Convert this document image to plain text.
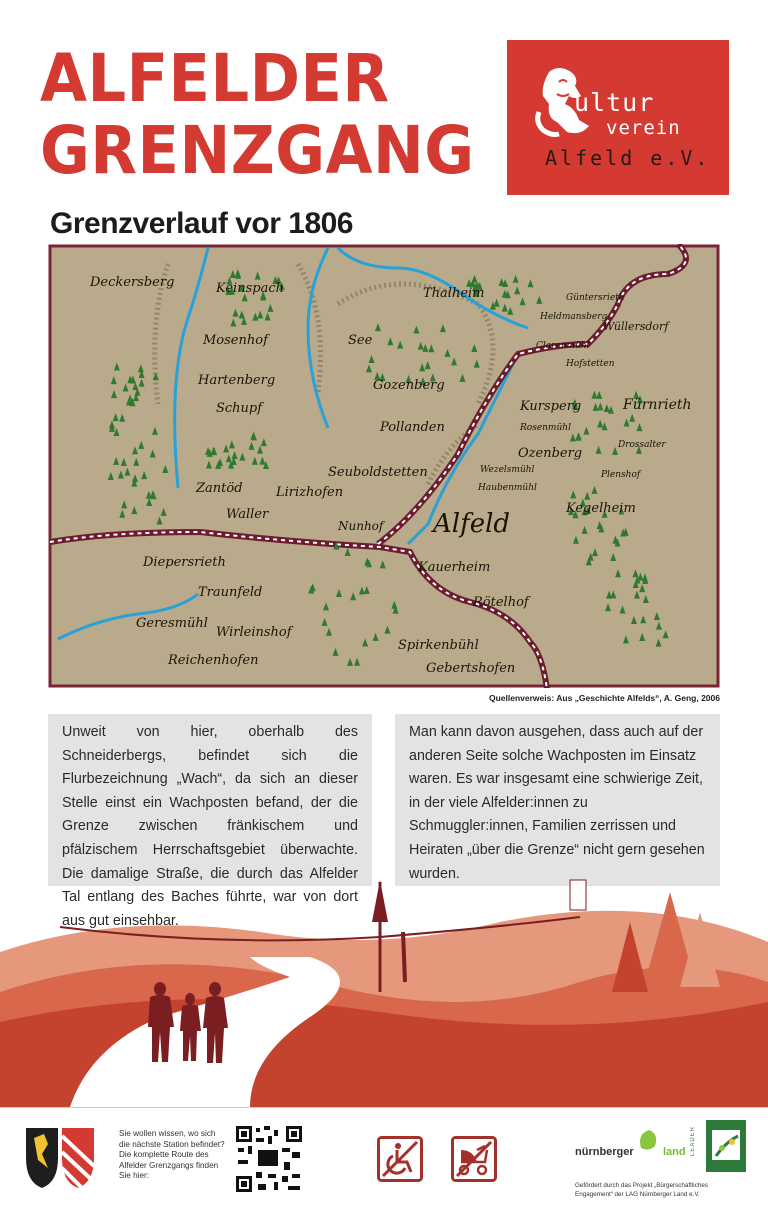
ALFELDER
GRENZGANG
Grenzverlauf vor 1806
ultur
verein
Alfeld e.V.
Deckersberg	Keinspach
Mosenhof
Hartenberg
Schupf
Zantöd
Waller
Lirizhofen
Thalheim	Güntersrieth
Heldmansberg
Wüllersdorf
Clarenmühl
Hofstetten
See
Gozenberg
Pollanden
Seuboldstetten
Nunhof Alfeld
Kursperg
Rosenmühl
Ozenberg
Drossalter
Fürnrieth
Plenshof
Wezelsmühl
Haubenmühl
Kegelheim
Kauerheim
Rötelhof
Diepersrieth
Traunfeld
Geresmühl
Wirleinshof
Reichenhofen
Spirkenbühl
Gebertshofen
Quellenverweis: Aus „Geschichte Alfelds“, A. Geng, 2006
Unweit von hier, oberhalb des Schneiderbergs, befindet sich die Flurbezeichnung „Wach“, da sich an dieser Stelle einst ein Wachposten befand, der die Grenze zwischen fränkischem und pfälzischem Herrschaftsgebiet überwachte. Die damalige Straße, die durch das Alfelder Tal entlang des Baches führte, war von dort aus gut einsehbar.
Man kann davon ausgehen, dass auch auf der anderen Seite solche Wachposten im Einsatz waren. Es war insgesamt eine schwierige Zeit, in der viele Alfelder:innen zu Schmuggler:innen, Familien zerrissen und Heiraten „über die Grenze“ nicht gern gesehen wurden.
Sie wollen wissen, wo sich die nächste Station befindet? Die komplette Route des Alfelder Grenzgangs finden Sie hier:
nürnberger	land LEADER
Gefördert durch das Projekt „Bürgerschaftliches Engagement“ der LAG Nürnberger Land e.V.
